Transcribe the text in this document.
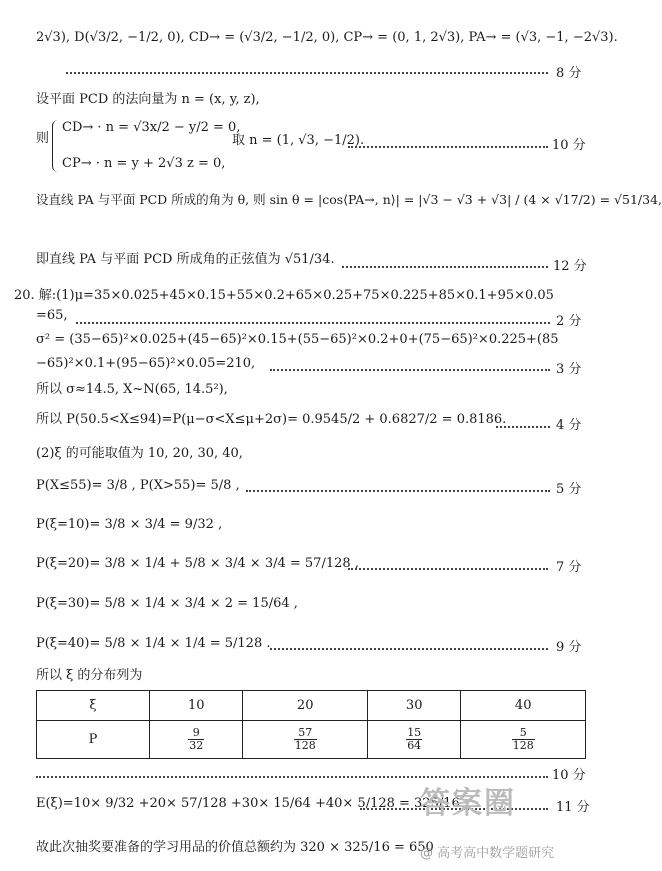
2√3), D(√3/2, −1/2, 0), CD→ = (√3/2, −1/2, 0), CP→ = (0, 1, 2√3), PA→ = (√3, −1, −2√3).
8 分
设平面 PCD 的法向量为 n = (x, y, z),
则
CD→ · n = √3x/2 − y/2 = 0,
取 n = (1, √3, −1/2).	10 分
CP→ · n = y + 2√3 z = 0,
设直线 PA 与平面 PCD 所成的角为 θ, 则 sin θ = |cos⟨PA→, n⟩| = |√3 − √3 + √3| / (4 × √17/2) = √51/34,
即直线 PA 与平面 PCD 所成角的正弦值为 √51/34.	12 分
20. 解:(1)μ=35×0.025+45×0.15+55×0.2+65×0.25+75×0.225+85×0.1+95×0.05
=65,	2 分
σ² = (35−65)²×0.025+(45−65)²×0.15+(55−65)²×0.2+0+(75−65)²×0.225+(85
−65)²×0.1+(95−65)²×0.05=210,	3 分
所以 σ≈14.5, X~N(65, 14.5²),
所以 P(50.5<X≤94)=P(μ−σ<X≤μ+2σ)= 0.9545/2 + 0.6827/2 = 0.8186.	4 分
(2)ξ 的可能取值为 10, 20, 30, 40,
P(X≤55)= 3/8 , P(X>55)= 5/8 ,	5 分
P(ξ=10)= 3/8 × 3/4 = 9/32 ,
P(ξ=20)= 3/8 × 1/4 + 5/8 × 3/4 × 3/4 = 57/128 ,	7 分
P(ξ=30)= 5/8 × 1/4 × 3/4 × 2 = 15/64 ,
P(ξ=40)= 5/8 × 1/4 × 1/4 = 5/128 .	9 分
所以 ξ 的分布列为
ξ	10	20	30	40
P	$\frac{9}{32}$	$\frac{57}{128}$	$\frac{15}{64}$	$\frac{5}{128}$
10 分
E(ξ)=10× 9/32 +20× 57/128 +30× 15/64 +40× 5/128 = 325/16 ,	11 分
故此次抽奖要准备的学习用品的价值总额约为 320 × 325/16 = 650
答案圈
@ 高考高中数学题研究
